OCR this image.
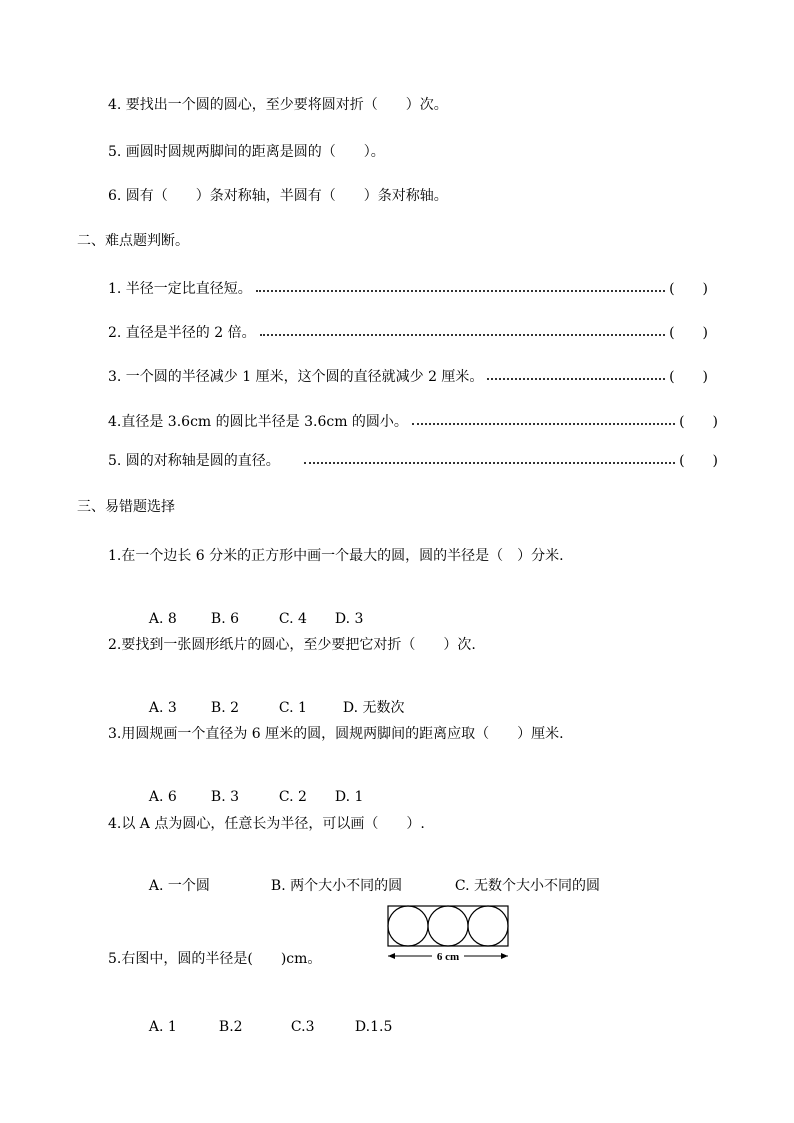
4. 要找出一个圆的圆心，至少要将圆对折（　　）次。
5. 画圆时圆规两脚间的距离是圆的（　　）。
6. 圆有（　　）条对称轴，半圆有（　　）条对称轴。
二、难点题判断。
1. 半径一定比直径短。	(　　)
2. 直径是半径的 2 倍。	(　　)
3. 一个圆的半径减少 1 厘米，这个圆的直径就减少 2 厘米。	(　　)
4.直径是 3.6cm 的圆比半径是 3.6cm 的圆小。	(　　)
5. 圆的对称轴是圆的直径。	(　　)
三、易错题选择
1.在一个边长 6 分米的正方形中画一个最大的圆，圆的半径是（　）分米.

A. 8 B. 6	C. 4 D. 3

2.要找到一张圆形纸片的圆心，至少要把它对折（　　）次.

A. 3 B. 2	C. 1	D. 无数次

3.用圆规画一个直径为 6 厘米的圆，圆规两脚间的距离应取（　　）厘米.

A. 6 B. 3	C. 2 D. 1

4.以 A 点为圆心，任意长为半径，可以画（　　）.

A. 一个圆	B. 两个大小不同的圆	C. 无数个大小不同的圆

5.右图中，圆的半径是(　　)cm。	6 cm

A. 1	B.2	C.3	D.1.5
